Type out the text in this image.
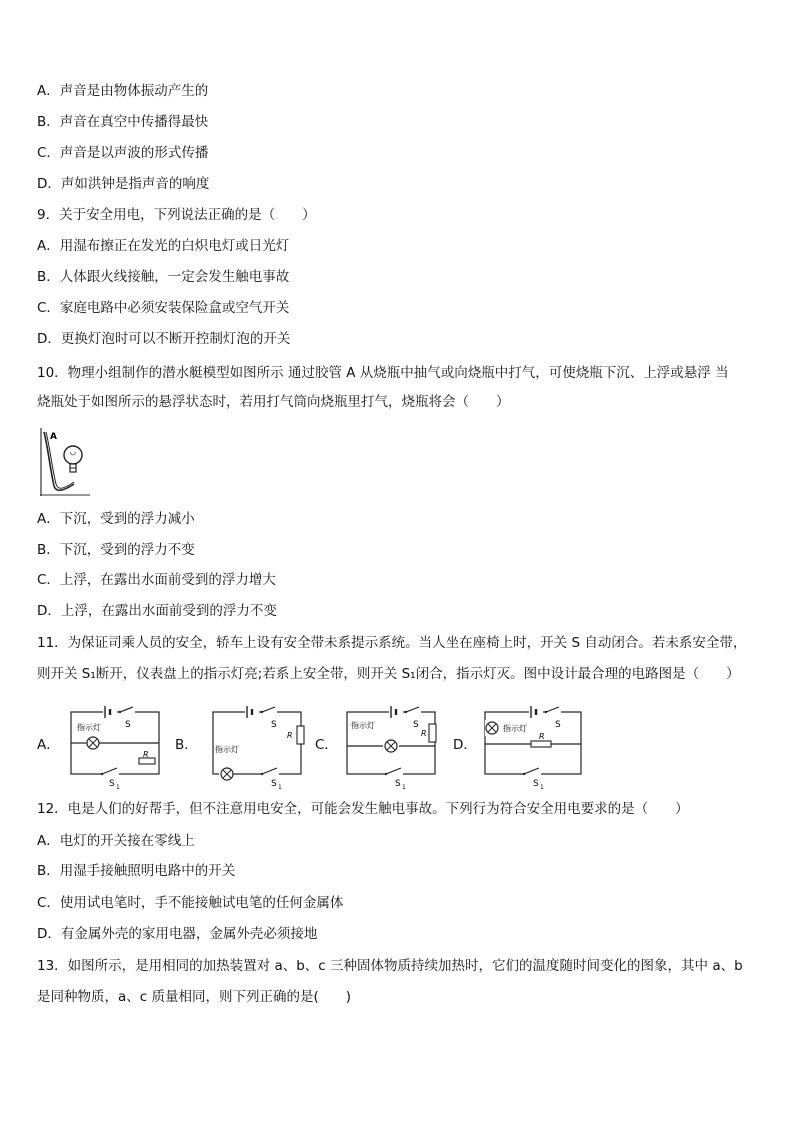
A．声音是由物体振动产生的
B．声音在真空中传播得最快
C．声音是以声波的形式传播
D．声如洪钟是指声音的响度
9．关于安全用电，下列说法正确的是（　　）
A．用湿布擦正在发光的白炽电灯或日光灯
B．人体跟火线接触，一定会发生触电事故
C．家庭电路中必须安装保险盒或空气开关
D．更换灯泡时可以不断开控制灯泡的开关
10．物理小组制作的潜水艇模型如图所示 通过胶管 A 从烧瓶中抽气或向烧瓶中打气，可使烧瓶下沉、上浮或悬浮 当
烧瓶处于如图所示的悬浮状态时，若用打气筒向烧瓶里打气，烧瓶将会（　　）
A
A．下沉，受到的浮力减小
B．下沉，受到的浮力不变
C．上浮，在露出水面前受到的浮力增大
D．上浮，在露出水面前受到的浮力不变
11．为保证司乘人员的安全，轿车上设有安全带未系提示系统。当人坐在座椅上时，开关 S 自动闭合。若未系安全带，
则开关 S₁断开，仪表盘上的指示灯亮;若系上安全带，则开关 S₁闭合，指示灯灭。图中设计最合理的电路图是（　　）
A．
S
指示灯
R
S 1
B．
S
R
指示灯
S 1
C．
S
R
指示灯
S 1
D．
S
指示灯
R
S 1
12．电是人们的好帮手，但不注意用电安全，可能会发生触电事故。下列行为符合安全用电要求的是（　　）
A．电灯的开关接在零线上
B．用湿手接触照明电路中的开关
C．使用试电笔时，手不能接触试电笔的任何金属体
D．有金属外壳的家用电器，金属外壳必须接地
13．如图所示，是用相同的加热装置对 a、b、c 三种固体物质持续加热时，它们的温度随时间变化的图象，其中 a、b
是同种物质，a、c 质量相同，则下列正确的是(　　)
